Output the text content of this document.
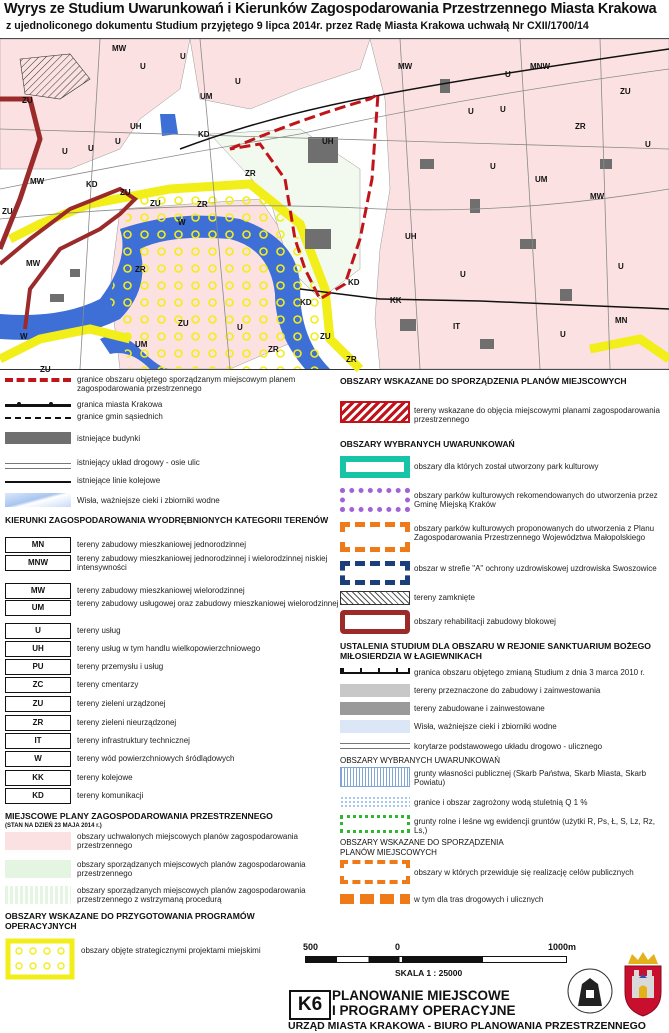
Wyrys ze Studium Uwarunkowań i Kierunków Zagospodarowania Przestrzennego Miasta Krakowa
z ujednoliconego dokumentu Studium przyjętego 9 lipca 2014r. przez Radę Miasta Krakowa uchwałą Nr CXII/1700/14
MW
U
U
UM
MNW
U
UH
U
KD
U
ZU
MW
U
ZU
KD
UH
MW
ZR
U
W
ZR
ZU
ZU
MW
ZR
U
U
ZU
UH
KD
KK
ZU
KD
ZR
U	IT
MN
ZU
UM
ZU
ZR
UM
U
ZR
MW
U
U
U
W	U
granice obszaru objętego sporządzanym miejscowym planem zagospodarowania przestrzennego
granica miasta Krakowa
granice gmin sąsiednich
istniejące budynki
istniejący układ drogowy - osie ulic
istniejące linie kolejowe
Wisła, ważniejsze cieki i zbiorniki wodne
KIERUNKI ZAGOSPODAROWANIA WYODRĘBNIONYCH KATEGORII TERENÓW
MN	tereny zabudowy mieszkaniowej jednorodzinnej
MNW	tereny zabudowy mieszkaniowej jednorodzinnej i wielorodzinnej niskiej intensywności
MW	tereny zabudowy mieszkaniowej wielorodzinnej
UM	tereny zabudowy usługowej oraz zabudowy mieszkaniowej wielorodzinnej
U	tereny usług
UH	tereny usług w tym handlu wielkopowierzchniowego
PU	tereny przemysłu i usług
ZC	tereny cmentarzy
ZU	tereny zieleni urządzonej
ZR	tereny zieleni nieurządzonej
IT	tereny infrastruktury technicznej
W	tereny wód powierzchniowych śródlądowych
KK	tereny kolejowe
KD	tereny komunikacji
MIEJSCOWE PLANY ZAGOSPODAROWANIA PRZESTRZENNEGO
(STAN NA DZIEŃ 23 MAJA 2014 r.)
obszary uchwalonych miejscowych planów zagospodarowania przestrzennego
obszary sporządzanych miejscowych planów zagospodarowania przestrzennego
obszary sporządzanych miejscowych planów zagospodarowania przestrzennego z wstrzymaną procedurą
OBSZARY WSKAZANE DO PRZYGOTOWANIA PROGRAMÓW OPERACYJNYCH
obszary objęte strategicznymi projektami miejskimi
OBSZARY WSKAZANE DO SPORZĄDZENIA PLANÓW MIEJSCOWYCH
tereny wskazane do objęcia miejscowymi planami zagospodarowania przestrzennego
OBSZARY WYBRANYCH UWARUNKOWAŃ
obszary dla których został utworzony park kulturowy
obszary parków kulturowych rekomendowanych do utworzenia przez Gminę Miejską Kraków
obszary parków kulturowych proponowanych do utworzenia z Planu Zagospodarowania Przestrzennego Województwa Małopolskiego
obszar w strefie "A" ochrony uzdrowiskowej uzdrowiska Swoszowice
tereny zamknięte
obszary rehabilitacji zabudowy blokowej
USTALENIA STUDIUM DLA OBSZARU W REJONIE SANKTUARIUM BOŻEGO MIŁOSIERDZIA W ŁAGIEWNIKACH
granica obszaru objętego zmianą Studium z dnia 3 marca 2010 r.
tereny przeznaczone do zabudowy i zainwestowania
tereny zabudowane i zainwestowane
Wisła, ważniejsze cieki i zbiorniki wodne
korytarze podstawowego układu drogowo - ulicznego
OBSZARY WYBRANYCH UWARUNKOWAŃ
grunty własności publicznej (Skarb Państwa, Skarb Miasta, Skarb Powiatu)
granice i obszar zagrożony wodą stuletnią Q 1 %
grunty rolne i leśne wg ewidencji gruntów (użytki R, Ps, Ł, S, Lz, Rz, Ls,)
OBSZARY WSKAZANE DO SPORZĄDZENIA PLANÓW MIEJSCOWYCH
obszary w których przewiduje się realizację celów publicznych
w tym dla tras drogowych i ulicznych
500	0	1000m
SKALA 1 : 25000
K6 PLANOWANIE MIEJSCOWE
I PROGRAMY OPERACYJNE
URZĄD MIASTA KRAKOWA - BIURO PLANOWANIA PRZESTRZENNEGO
